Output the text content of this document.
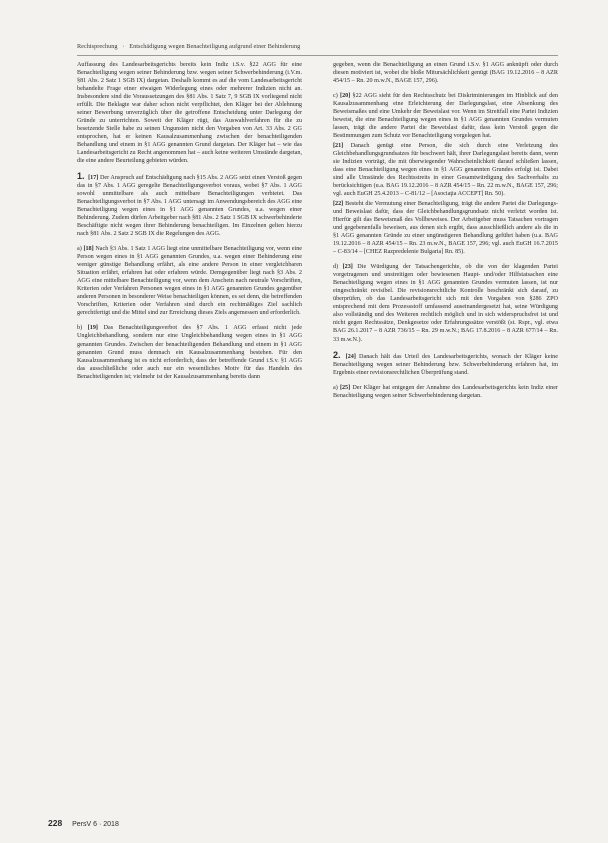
Rechtsprechung   ·   Entschädigung wegen Benachteiligung aufgrund einer Behinderung

Auffassung des Landesarbeitsgerichts bereits kein Indiz i.S.v. §22 AGG für eine Benachteiligung wegen seiner Behinderung bzw. wegen seiner Schwerbehinderung (i.V.m. §81 Abs. 2 Satz 1 SGB IX) dargetan. Deshalb kommt es auf die vom Landesarbeitsgericht behandelte Frage einer etwaigen Widerlegung eines oder mehrerer Indizien nicht an. Insbesondere sind die Voraussetzungen des §81 Abs. 1 Satz 7, 9 SGB IX vorliegend nicht erfüllt. Die Beklagte war daher schon nicht verpflichtet, den Kläger bei der Ablehnung seiner Bewerbung unverzüglich über die getroffene Entscheidung unter Darlegung der Gründe zu unterrichten. Soweit der Kläger rügt, das Auswahlverfahren für die zu besetzende Stelle habe zu seinen Ungunsten nicht den Vorgaben von Art. 33 Abs. 2 GG entsprochen, hat er keinen Kausalzusammenhang zwischen der benachteiligenden Behandlung und einem in §1 AGG genannten Grund dargetan. Der Kläger hat – wie das Landesarbeitsgericht zu Recht angenommen hat – auch keine weiteren Umstände dargetan, die eine andere Beurteilung gebieten würden.

1. [17] Der Anspruch auf Entschädigung nach §15 Abs. 2 AGG setzt einen Verstoß gegen das in §7 Abs. 1 AGG geregelte Benachteiligungsverbot voraus, wobei §7 Abs. 1 AGG sowohl unmittelbare als auch mittelbare Benachteiligungen verbietet. Das Benachteiligungsverbot in §7 Abs. 1 AGG untersagt im Anwendungsbereich des AGG eine Benachteiligung wegen eines in §1 AGG genannten Grundes, u.a. wegen einer Behinderung. Zudem dürfen Arbeitgeber nach §81 Abs. 2 Satz 1 SGB IX schwerbehinderte Beschäftigte nicht wegen ihrer Behinderung benachteiligen. Im Einzelnen gelten hierzu nach §81 Abs. 2 Satz 2 SGB IX die Regelungen des AGG.

a) [18] Nach §3 Abs. 1 Satz 1 AGG liegt eine unmittelbare Benachteiligung vor, wenn eine Person wegen eines in §1 AGG genannten Grundes, u.a. wegen einer Behinderung eine weniger günstige Behandlung erfährt, als eine andere Person in einer vergleichbaren Situation erfährt, erfahren hat oder erfahren würde. Demgegenüber liegt nach §3 Abs. 2 AGG eine mittelbare Benachteiligung vor, wenn dem Anschein nach neutrale Vorschriften, Kriterien oder Verfahren Personen wegen eines in §1 AGG genannten Grundes gegenüber anderen Personen in besonderer Weise benachteiligen können, es sei denn, die betreffenden Vorschriften, Kriterien oder Verfahren sind durch ein rechtmäßiges Ziel sachlich gerechtfertigt und die Mittel sind zur Erreichung dieses Ziels angemessen und erforderlich.

b) [19] Das Benachteiligungsverbot des §7 Abs. 1 AGG erfasst nicht jede Ungleichbehandlung, sondern nur eine Ungleichbehandlung wegen eines in §1 AGG genannten Grundes. Zwischen der benachteiligenden Behandlung und einem in §1 AGG genannten Grund muss demnach ein Kausalzusammenhang bestehen. Für den Kausalzusammenhang ist es nicht erforderlich, dass der betreffende Grund i.S.v. §1 AGG das ausschließliche oder auch nur ein wesentliches Motiv für das Handeln des Benachteiligenden ist; vielmehr ist der Kausalzusammenhang bereits dann

gegeben, wenn die Benachteiligung an einen Grund i.S.v. §1 AGG anknüpft oder durch diesen motiviert ist, wobei die bloße Mitursächlichkeit genügt (BAG 19.12.2016 – 8 AZR 454/15 – Rn. 20 m.w.N., BAGE 157, 296).

c) [20] §22 AGG sieht für den Rechtsschutz bei Diskriminierungen im Hinblick auf den Kausalzusammenhang eine Erleichterung der Darlegungslast, eine Absenkung des Beweismaßes und eine Umkehr der Beweislast vor. Wenn im Streitfall eine Partei Indizien beweist, die eine Benachteiligung wegen eines in §1 AGG genannten Grundes vermuten lassen, trägt die andere Partei die Beweislast dafür, dass kein Verstoß gegen die Bestimmungen zum Schutz vor Benachteiligung vorgelegen hat.

[21] Danach genügt eine Person, die sich durch eine Verletzung des Gleichbehandlungsgrundsatzes für beschwert hält, ihrer Darlegungslast bereits dann, wenn sie Indizien vorträgt, die mit überwiegender Wahrscheinlichkeit darauf schließen lassen, dass eine Benachteiligung wegen eines in §1 AGG genannten Grundes erfolgt ist. Dabei sind alle Umstände des Rechtsstreits in einer Gesamtwürdigung des Sachverhalts zu berücksichtigen (u.a. BAG 19.12.2016 – 8 AZR 454/15 – Rn. 22 m.w.N., BAGE 157, 296; vgl. auch EuGH 25.4.2013 – C-81/12 – [Asociaţia ACCEPT] Rn. 50).

[22] Besteht die Vermutung einer Benachteiligung, trägt die andere Partei die Darlegungs- und Beweislast dafür, dass der Gleichbehandlungsgrundsatz nicht verletzt worden ist. Hierfür gilt das Beweismaß des Vollbeweises. Der Arbeitgeber muss Tatsachen vortragen und gegebenenfalls beweisen, aus denen sich ergibt, dass ausschließlich andere als die in §1 AGG genannten Gründe zu einer ungünstigeren Behandlung geführt haben (u.a. BAG 19.12.2016 – 8 AZR 454/15 – Rn. 23 m.w.N., BAGE 157, 296; vgl. auch EuGH 16.7.2015 – C-83/14 – [CHEZ Razpredelenie Bulgaria] Rn. 85).

d) [23] Die Würdigung der Tatsachengerichte, ob die von der klagenden Partei vorgetragenen und unstreitigen oder bewiesenen Haupt- und/oder Hilfstatsachen eine Benachteiligung wegen eines in §1 AGG genannten Grundes vermuten lassen, ist nur eingeschränkt revisibel. Die revisionsrechtliche Kontrolle beschränkt sich darauf, zu überprüfen, ob das Landesarbeitsgericht sich mit den Vorgaben von §286 ZPO entsprechend mit dem Prozessstoff umfassend auseinandergesetzt hat, seine Würdigung also vollständig und des Weiteren rechtlich möglich und in sich widerspruchsfrei ist und nicht gegen Rechtssätze, Denkgesetze oder Erfahrungssätze verstößt (st. Rspr., vgl. etwa BAG 26.1.2017 – 8 AZR 736/15 – Rn. 29 m.w.N.; BAG 17.8.2016 – 8 AZR 677/14 – Rn. 33 m.w.N.).

2. [24] Danach hält das Urteil des Landesarbeitsgerichts, wonach der Kläger keine Benachteiligung wegen seiner Behinderung bzw. Schwerbehinderung erfahren hat, im Ergebnis einer revisionsrechtlichen Überprüfung stand.

a) [25] Der Kläger hat entgegen der Annahme des Landesarbeitsgerichts kein Indiz einer Benachteiligung wegen seiner Schwerbehinderung dargetan.

228 PersV 6 · 2018
